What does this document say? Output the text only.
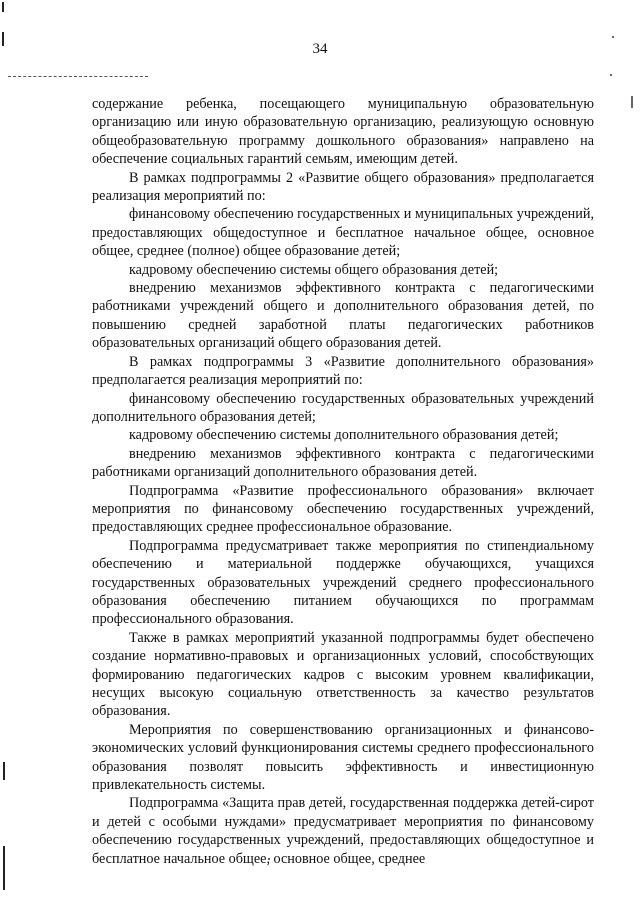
34

содержание ребенка, посещающего муниципальную образовательную организацию или иную образовательную организацию, реализующую основную общеобразовательную программу дошкольного образования» направлено на обеспечение социальных гарантий семьям, имеющим детей.

В рамках подпрограммы 2 «Развитие общего образования» предполагается реализация мероприятий по:

финансовому обеспечению государственных и муниципальных учреждений, предоставляющих общедоступное и бесплатное начальное общее, основное общее, среднее (полное) общее образование детей;

кадровому обеспечению системы общего образования детей;

внедрению механизмов эффективного контракта с педагогическими работниками учреждений общего и дополнительного образования детей, по повышению средней заработной платы педагогических работников образовательных организаций общего образования детей.

В рамках подпрограммы 3 «Развитие дополнительного образования» предполагается реализация мероприятий по:

финансовому обеспечению государственных образовательных учреждений дополнительного образования детей;

кадровому обеспечению системы дополнительного образования детей;

внедрению механизмов эффективного контракта с педагогическими работниками организаций дополнительного образования детей.

Подпрограмма «Развитие профессионального образования» включает мероприятия по финансовому обеспечению государственных учреждений, предоставляющих среднее профессиональное образование.

Подпрограмма предусматривает также мероприятия по стипендиальному обеспечению и материальной поддержке обучающихся, учащихся государственных образовательных учреждений среднего профессионального образования обеспечению питанием обучающихся по программам профессионального образования.

Также в рамках мероприятий указанной подпрограммы будет обеспечено создание нормативно-правовых и организационных условий, способствующих формированию педагогических кадров с высоким уровнем квалификации, несущих высокую социальную ответственность за качество результатов образования.

Мероприятия по совершенствованию организационных и финансово-экономических условий функционирования системы среднего профессионального образования позволят повысить эффективность и инвестиционную привлекательность системы.

Подпрограмма «Защита прав детей, государственная поддержка детей-сирот и детей с особыми нуждами» предусматривает мероприятия по финансовому обеспечению государственных учреждений, предоставляющих общедоступное и бесплатное начальное общее, основное общее, среднее
